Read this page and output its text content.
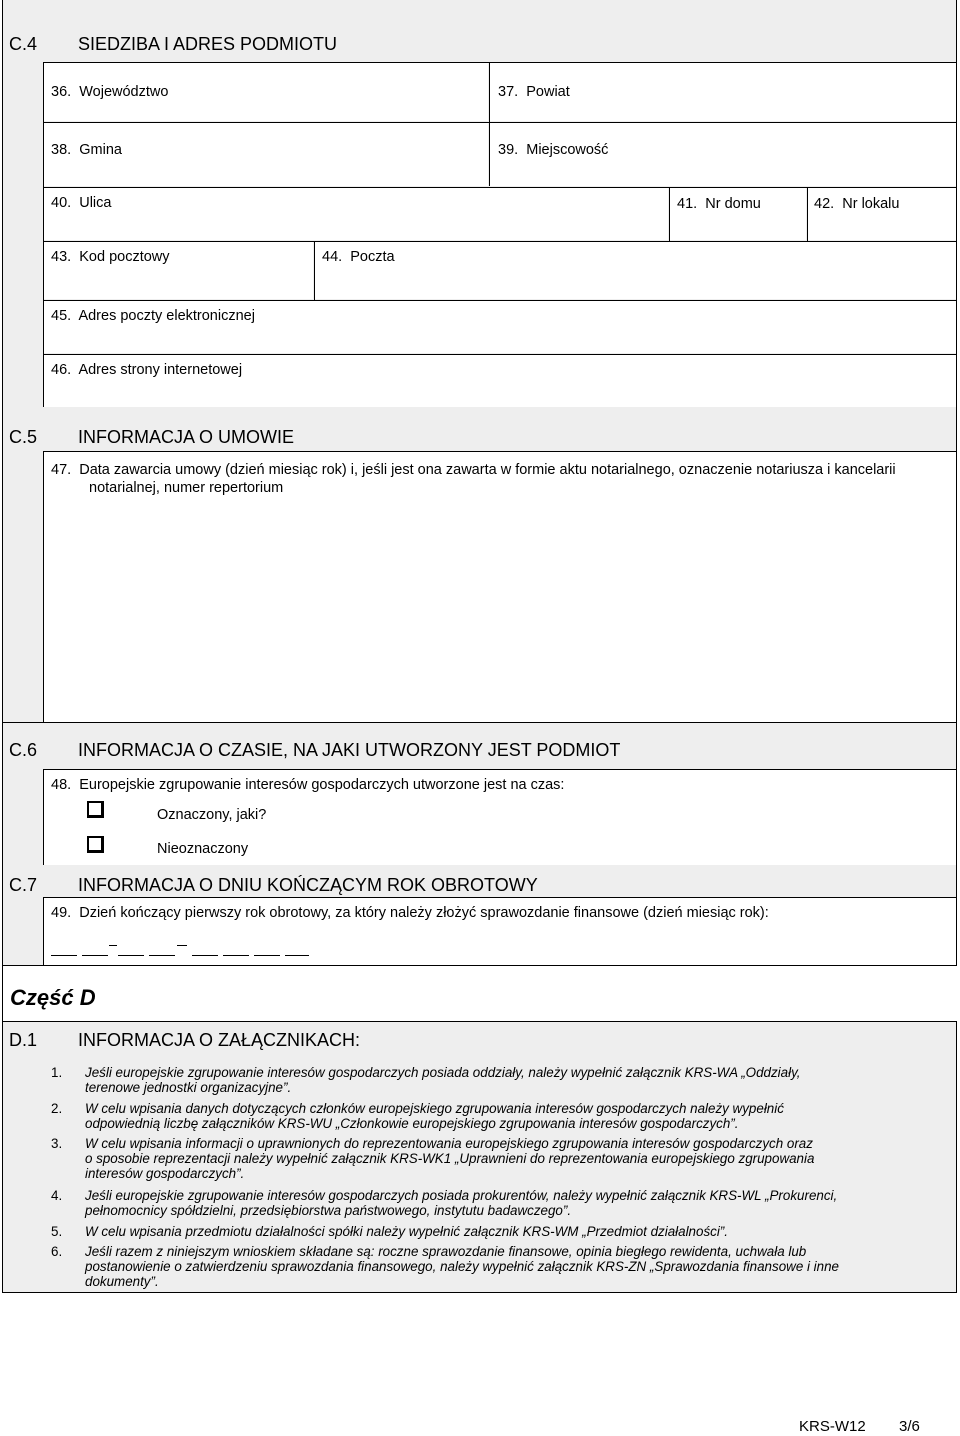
C.4 SIEDZIBA I ADRES PODMIOTU
36. Województwo	37. Powiat
38. Gmina	39. Miejscowość
40. Ulica	41. Nr domu	42. Nr lokalu
43. Kod pocztowy	44. Poczta
45. Adres poczty elektronicznej
46. Adres strony internetowej
C.5 INFORMACJA O UMOWIE
47. Data zawarcia umowy (dzień miesiąc rok) i, jeśli jest ona zawarta w formie aktu notarialnego, oznaczenie notariusza i kancelarii
notarialnej, numer repertorium
C.6 INFORMACJA O CZASIE, NA JAKI UTWORZONY JEST PODMIOT
48. Europejskie zgrupowanie interesów gospodarczych utworzone jest na czas:
Oznaczony, jaki?
Nieoznaczony
C.7 INFORMACJA O DNIU KOŃCZĄCYM ROK OBROTOWY
49. Dzień kończący pierwszy rok obrotowy, za który należy złożyć sprawozdanie finansowe (dzień miesiąc rok):
Część D
D.1 INFORMACJA O ZAŁĄCZNIKACH:
1. Jeśli europejskie zgrupowanie interesów gospodarczych posiada oddziały, należy wypełnić załącznik KRS-WA „Oddziały,
terenowe jednostki organizacyjne”.
2. W celu wpisania danych dotyczących członków europejskiego zgrupowania interesów gospodarczych należy wypełnić
odpowiednią liczbę załączników KRS-WU „Członkowie europejskiego zgrupowania interesów gospodarczych”.
3. W celu wpisania informacji o uprawnionych do reprezentowania europejskiego zgrupowania interesów gospodarczych oraz
o sposobie reprezentacji należy wypełnić załącznik KRS-WK1 „Uprawnieni do reprezentowania europejskiego zgrupowania
interesów gospodarczych”.
4. Jeśli europejskie zgrupowanie interesów gospodarczych posiada prokurentów, należy wypełnić załącznik KRS-WL „Prokurenci,
pełnomocnicy spółdzielni, przedsiębiorstwa państwowego, instytutu badawczego”.
5. W celu wpisania przedmiotu działalności spółki należy wypełnić załącznik KRS-WM „Przedmiot działalności”.
6. Jeśli razem z niniejszym wnioskiem składane są: roczne sprawozdanie finansowe, opinia biegłego rewidenta, uchwała lub
postanowienie o zatwierdzeniu sprawozdania finansowego, należy wypełnić załącznik KRS-ZN „Sprawozdania finansowe i inne
dokumenty”.
KRS-W12 3/6
